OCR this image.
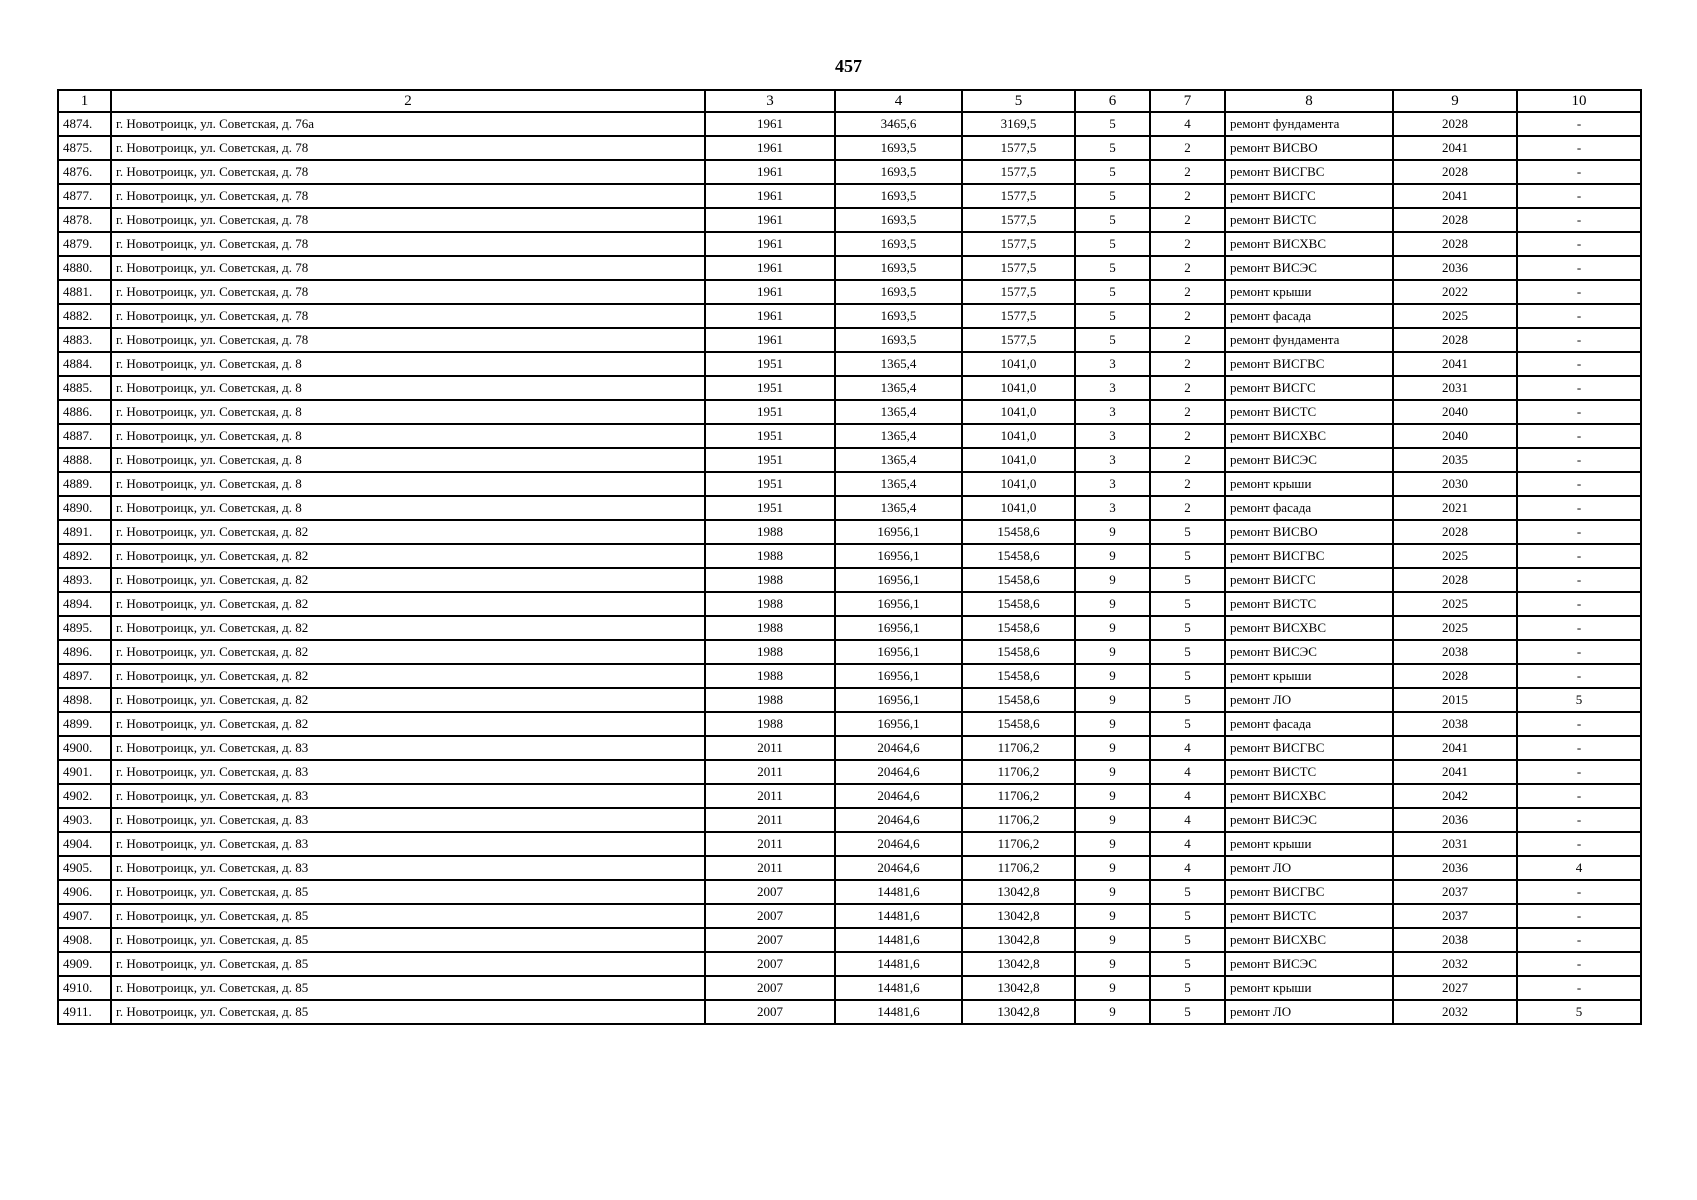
457
1	2	3	4	5	6	7	8	9	10
4874.	г. Новотроицк, ул. Советская, д. 76а	1961	3465,6	3169,5	5	4	ремонт фундамента	2028	-
4875.	г. Новотроицк, ул. Советская, д. 78	1961	1693,5	1577,5	5	2	ремонт ВИСВО	2041	-
4876.	г. Новотроицк, ул. Советская, д. 78	1961	1693,5	1577,5	5	2	ремонт ВИСГВС	2028	-
4877.	г. Новотроицк, ул. Советская, д. 78	1961	1693,5	1577,5	5	2	ремонт ВИСГС	2041	-
4878.	г. Новотроицк, ул. Советская, д. 78	1961	1693,5	1577,5	5	2	ремонт ВИСТС	2028	-
4879.	г. Новотроицк, ул. Советская, д. 78	1961	1693,5	1577,5	5	2	ремонт ВИСХВС	2028	-
4880.	г. Новотроицк, ул. Советская, д. 78	1961	1693,5	1577,5	5	2	ремонт ВИСЭС	2036	-
4881.	г. Новотроицк, ул. Советская, д. 78	1961	1693,5	1577,5	5	2	ремонт крыши	2022	-
4882.	г. Новотроицк, ул. Советская, д. 78	1961	1693,5	1577,5	5	2	ремонт фасада	2025	-
4883.	г. Новотроицк, ул. Советская, д. 78	1961	1693,5	1577,5	5	2	ремонт фундамента	2028	-
4884.	г. Новотроицк, ул. Советская, д. 8	1951	1365,4	1041,0	3	2	ремонт ВИСГВС	2041	-
4885.	г. Новотроицк, ул. Советская, д. 8	1951	1365,4	1041,0	3	2	ремонт ВИСГС	2031	-
4886.	г. Новотроицк, ул. Советская, д. 8	1951	1365,4	1041,0	3	2	ремонт ВИСТС	2040	-
4887.	г. Новотроицк, ул. Советская, д. 8	1951	1365,4	1041,0	3	2	ремонт ВИСХВС	2040	-
4888.	г. Новотроицк, ул. Советская, д. 8	1951	1365,4	1041,0	3	2	ремонт ВИСЭС	2035	-
4889.	г. Новотроицк, ул. Советская, д. 8	1951	1365,4	1041,0	3	2	ремонт крыши	2030	-
4890.	г. Новотроицк, ул. Советская, д. 8	1951	1365,4	1041,0	3	2	ремонт фасада	2021	-
4891.	г. Новотроицк, ул. Советская, д. 82	1988	16956,1	15458,6	9	5	ремонт ВИСВО	2028	-
4892.	г. Новотроицк, ул. Советская, д. 82	1988	16956,1	15458,6	9	5	ремонт ВИСГВС	2025	-
4893.	г. Новотроицк, ул. Советская, д. 82	1988	16956,1	15458,6	9	5	ремонт ВИСГС	2028	-
4894.	г. Новотроицк, ул. Советская, д. 82	1988	16956,1	15458,6	9	5	ремонт ВИСТС	2025	-
4895.	г. Новотроицк, ул. Советская, д. 82	1988	16956,1	15458,6	9	5	ремонт ВИСХВС	2025	-
4896.	г. Новотроицк, ул. Советская, д. 82	1988	16956,1	15458,6	9	5	ремонт ВИСЭС	2038	-
4897.	г. Новотроицк, ул. Советская, д. 82	1988	16956,1	15458,6	9	5	ремонт крыши	2028	-
4898.	г. Новотроицк, ул. Советская, д. 82	1988	16956,1	15458,6	9	5	ремонт ЛО	2015	5
4899.	г. Новотроицк, ул. Советская, д. 82	1988	16956,1	15458,6	9	5	ремонт фасада	2038	-
4900.	г. Новотроицк, ул. Советская, д. 83	2011	20464,6	11706,2	9	4	ремонт ВИСГВС	2041	-
4901.	г. Новотроицк, ул. Советская, д. 83	2011	20464,6	11706,2	9	4	ремонт ВИСТС	2041	-
4902.	г. Новотроицк, ул. Советская, д. 83	2011	20464,6	11706,2	9	4	ремонт ВИСХВС	2042	-
4903.	г. Новотроицк, ул. Советская, д. 83	2011	20464,6	11706,2	9	4	ремонт ВИСЭС	2036	-
4904.	г. Новотроицк, ул. Советская, д. 83	2011	20464,6	11706,2	9	4	ремонт крыши	2031	-
4905.	г. Новотроицк, ул. Советская, д. 83	2011	20464,6	11706,2	9	4	ремонт ЛО	2036	4
4906.	г. Новотроицк, ул. Советская, д. 85	2007	14481,6	13042,8	9	5	ремонт ВИСГВС	2037	-
4907.	г. Новотроицк, ул. Советская, д. 85	2007	14481,6	13042,8	9	5	ремонт ВИСТС	2037	-
4908.	г. Новотроицк, ул. Советская, д. 85	2007	14481,6	13042,8	9	5	ремонт ВИСХВС	2038	-
4909.	г. Новотроицк, ул. Советская, д. 85	2007	14481,6	13042,8	9	5	ремонт ВИСЭС	2032	-
4910.	г. Новотроицк, ул. Советская, д. 85	2007	14481,6	13042,8	9	5	ремонт крыши	2027	-
4911.	г. Новотроицк, ул. Советская, д. 85	2007	14481,6	13042,8	9	5	ремонт ЛО	2032	5
